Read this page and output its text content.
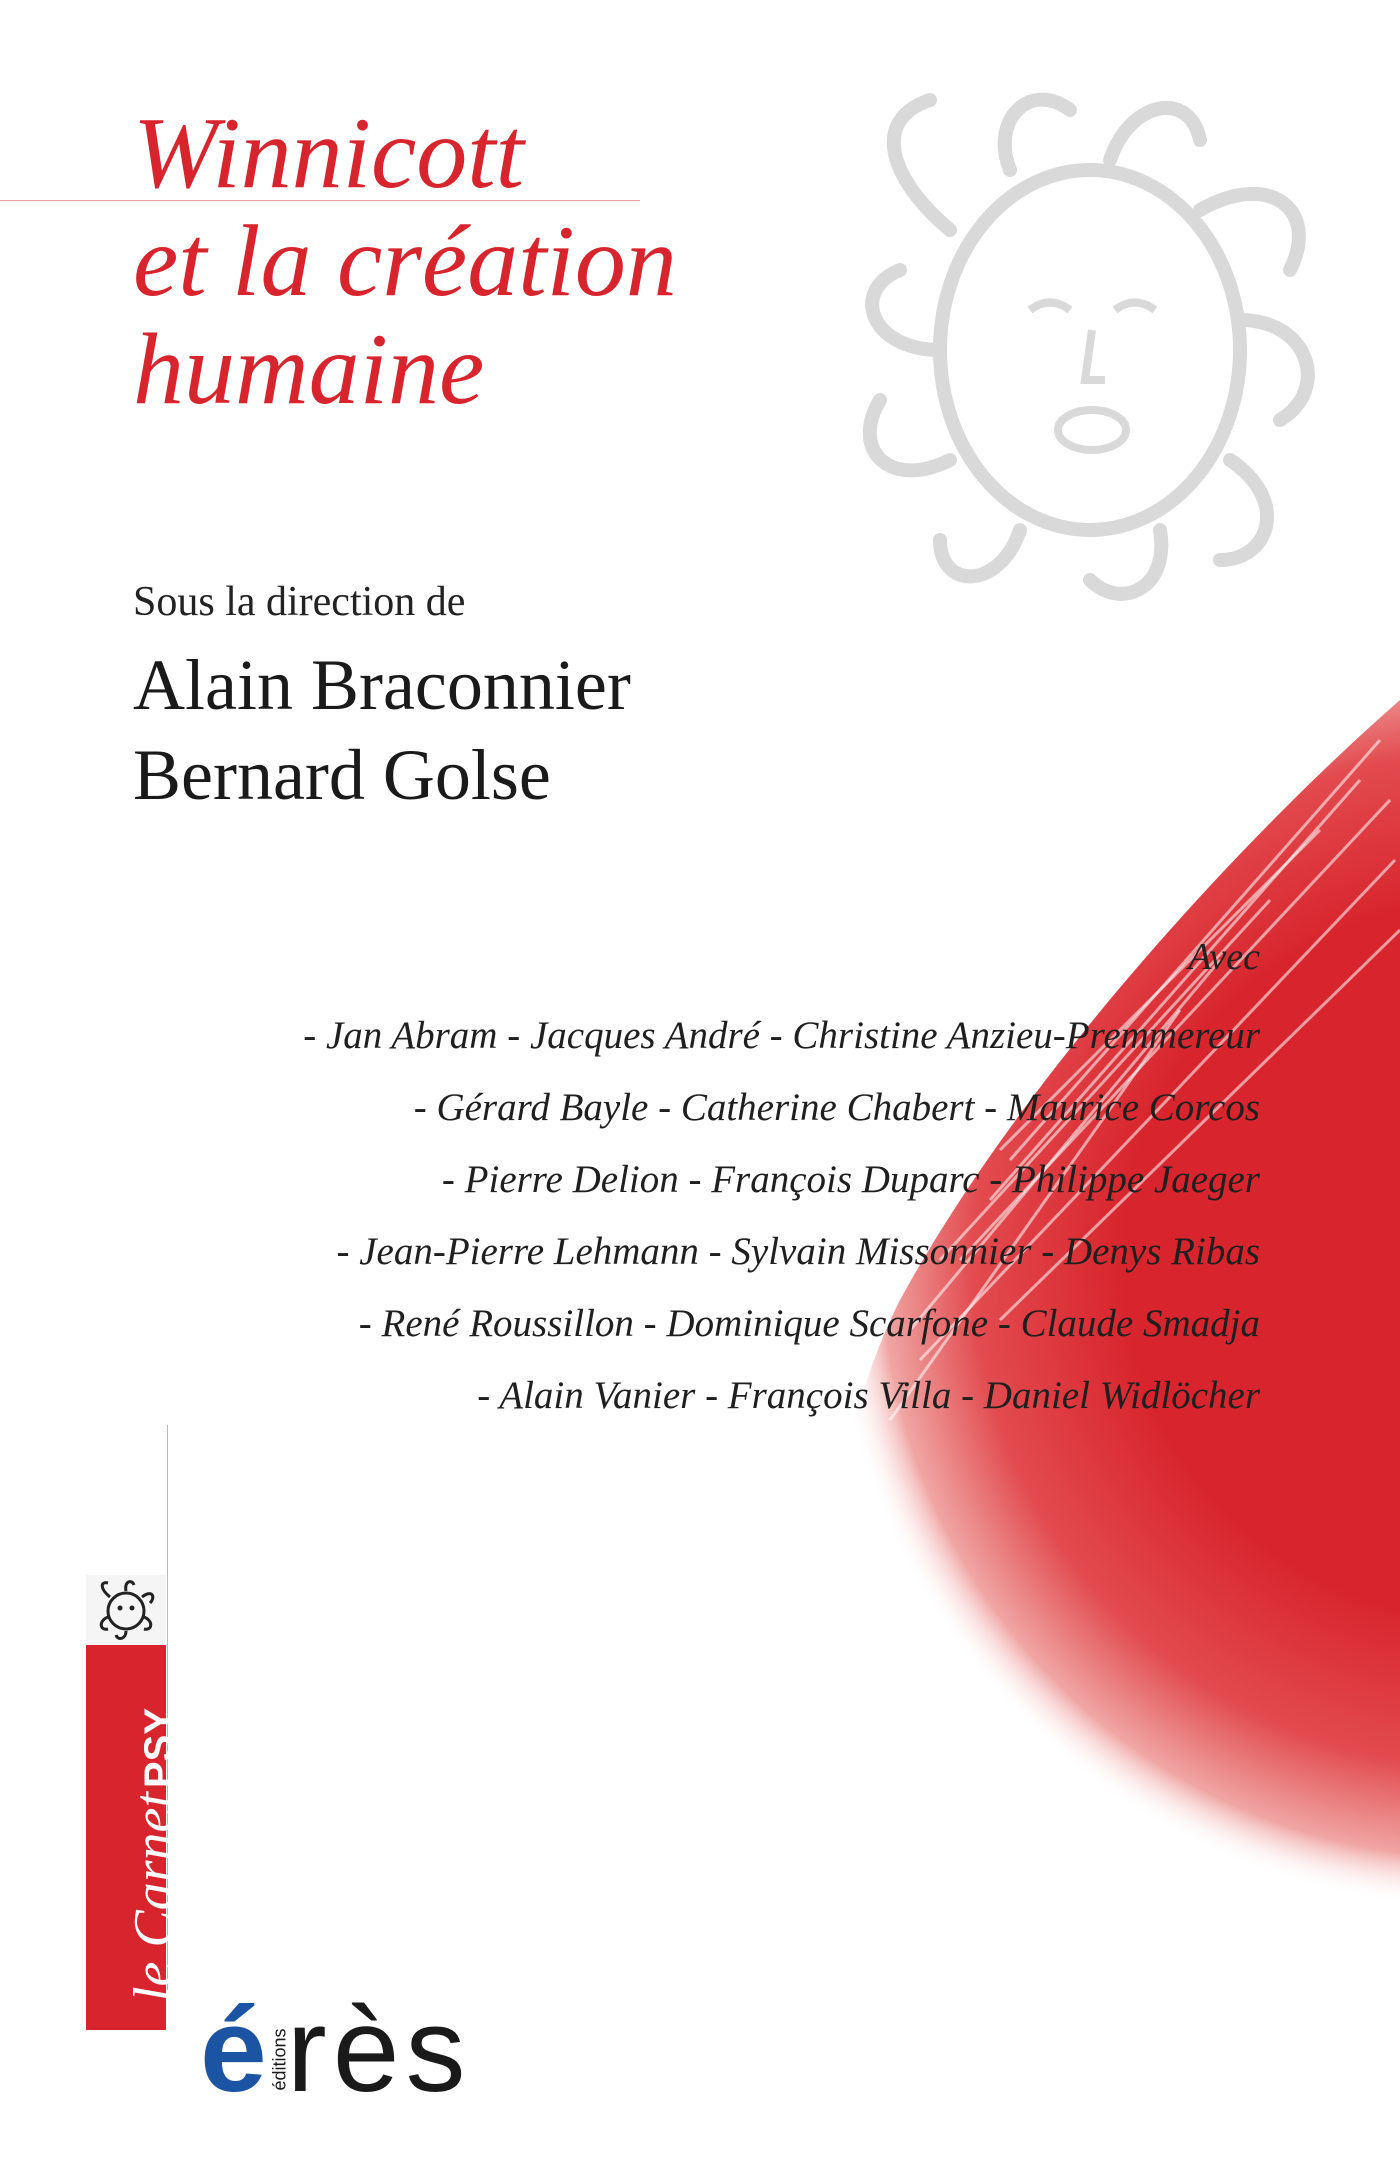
Winnicott
et la création
humaine
Sous la direction de
Alain Braconnier
Bernard Golse
Avec
- Jan Abram - Jacques André - Christine Anzieu-Premmereur
- Gérard Bayle - Catherine Chabert - Maurice Corcos
- Pierre Delion - François Duparc - Philippe Jaeger
- Jean-Pierre Lehmann - Sylvain Missonnier - Denys Ribas
- René Roussillon - Dominique Scarfone - Claude Smadja
- Alain Vanier - François Villa - Daniel Widlöcher
le CarnetPSY
ééditionsrès
